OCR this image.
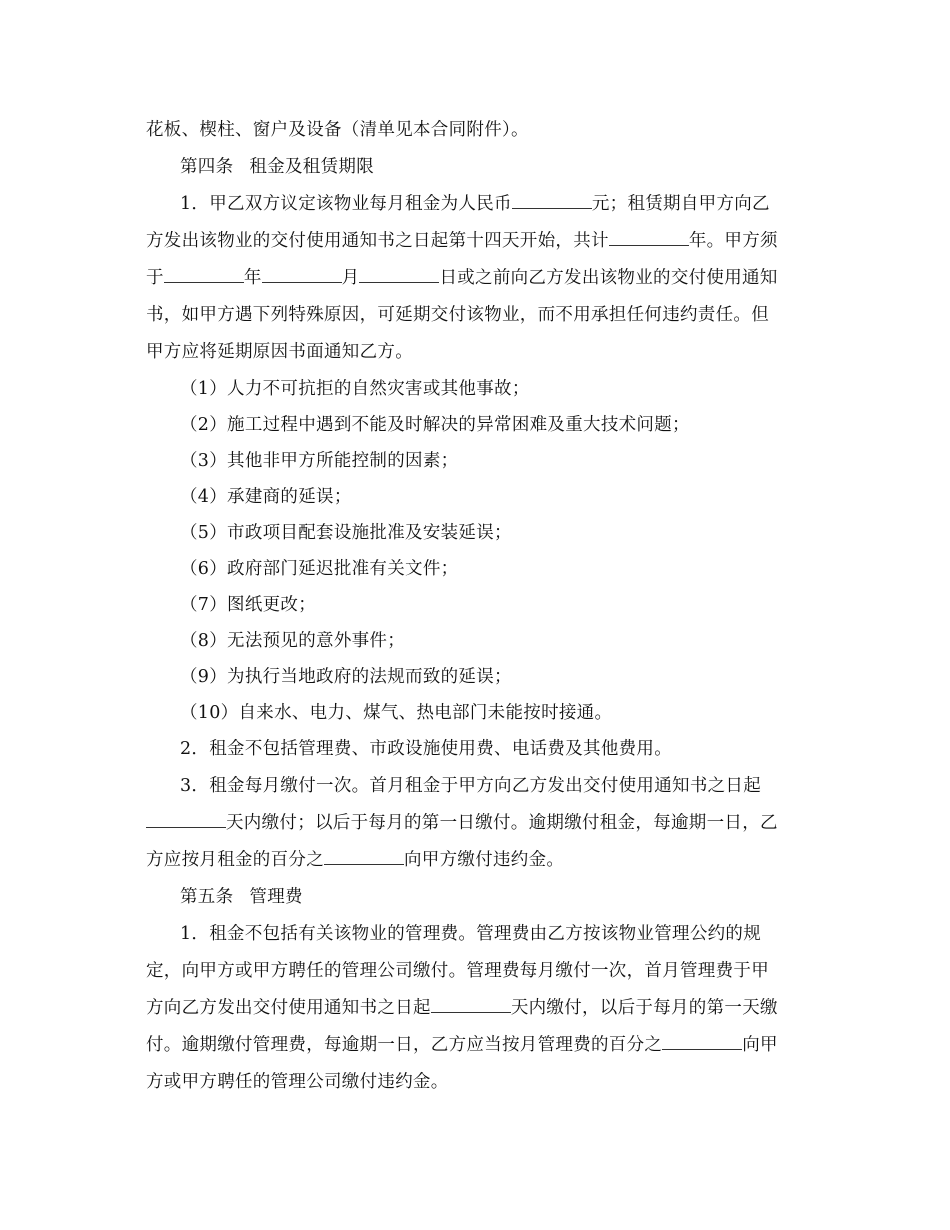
花板、楔柱、窗户及设备（清单见本合同附件）。
第四条 租金及租赁期限
1．甲乙双方议定该物业每月租金为人民币	元；租赁期自甲方向乙
方发出该物业的交付使用通知书之日起第十四天开始，共计	年。甲方须
于	年	月	日或之前向乙方发出该物业的交付使用通知
书，如甲方遇下列特殊原因，可延期交付该物业，而不用承担任何违约责任。但
甲方应将延期原因书面通知乙方。
（1）人力不可抗拒的自然灾害或其他事故；
（2）施工过程中遇到不能及时解决的异常困难及重大技术问题；
（3）其他非甲方所能控制的因素；
（4）承建商的延误；
（5）市政项目配套设施批准及安装延误；
（6）政府部门延迟批准有关文件；
（7）图纸更改；
（8）无法预见的意外事件；
（9）为执行当地政府的法规而致的延误；
（10）自来水、电力、煤气、热电部门未能按时接通。
2．租金不包括管理费、市政设施使用费、电话费及其他费用。
3．租金每月缴付一次。首月租金于甲方向乙方发出交付使用通知书之日起
天内缴付；以后于每月的第一日缴付。逾期缴付租金，每逾期一日，乙
方应按月租金的百分之	向甲方缴付违约金。
第五条 管理费
1．租金不包括有关该物业的管理费。管理费由乙方按该物业管理公约的规
定，向甲方或甲方聘任的管理公司缴付。管理费每月缴付一次，首月管理费于甲
方向乙方发出交付使用通知书之日起	天内缴付，以后于每月的第一天缴
付。逾期缴付管理费，每逾期一日，乙方应当按月管理费的百分之	向甲
方或甲方聘任的管理公司缴付违约金。
